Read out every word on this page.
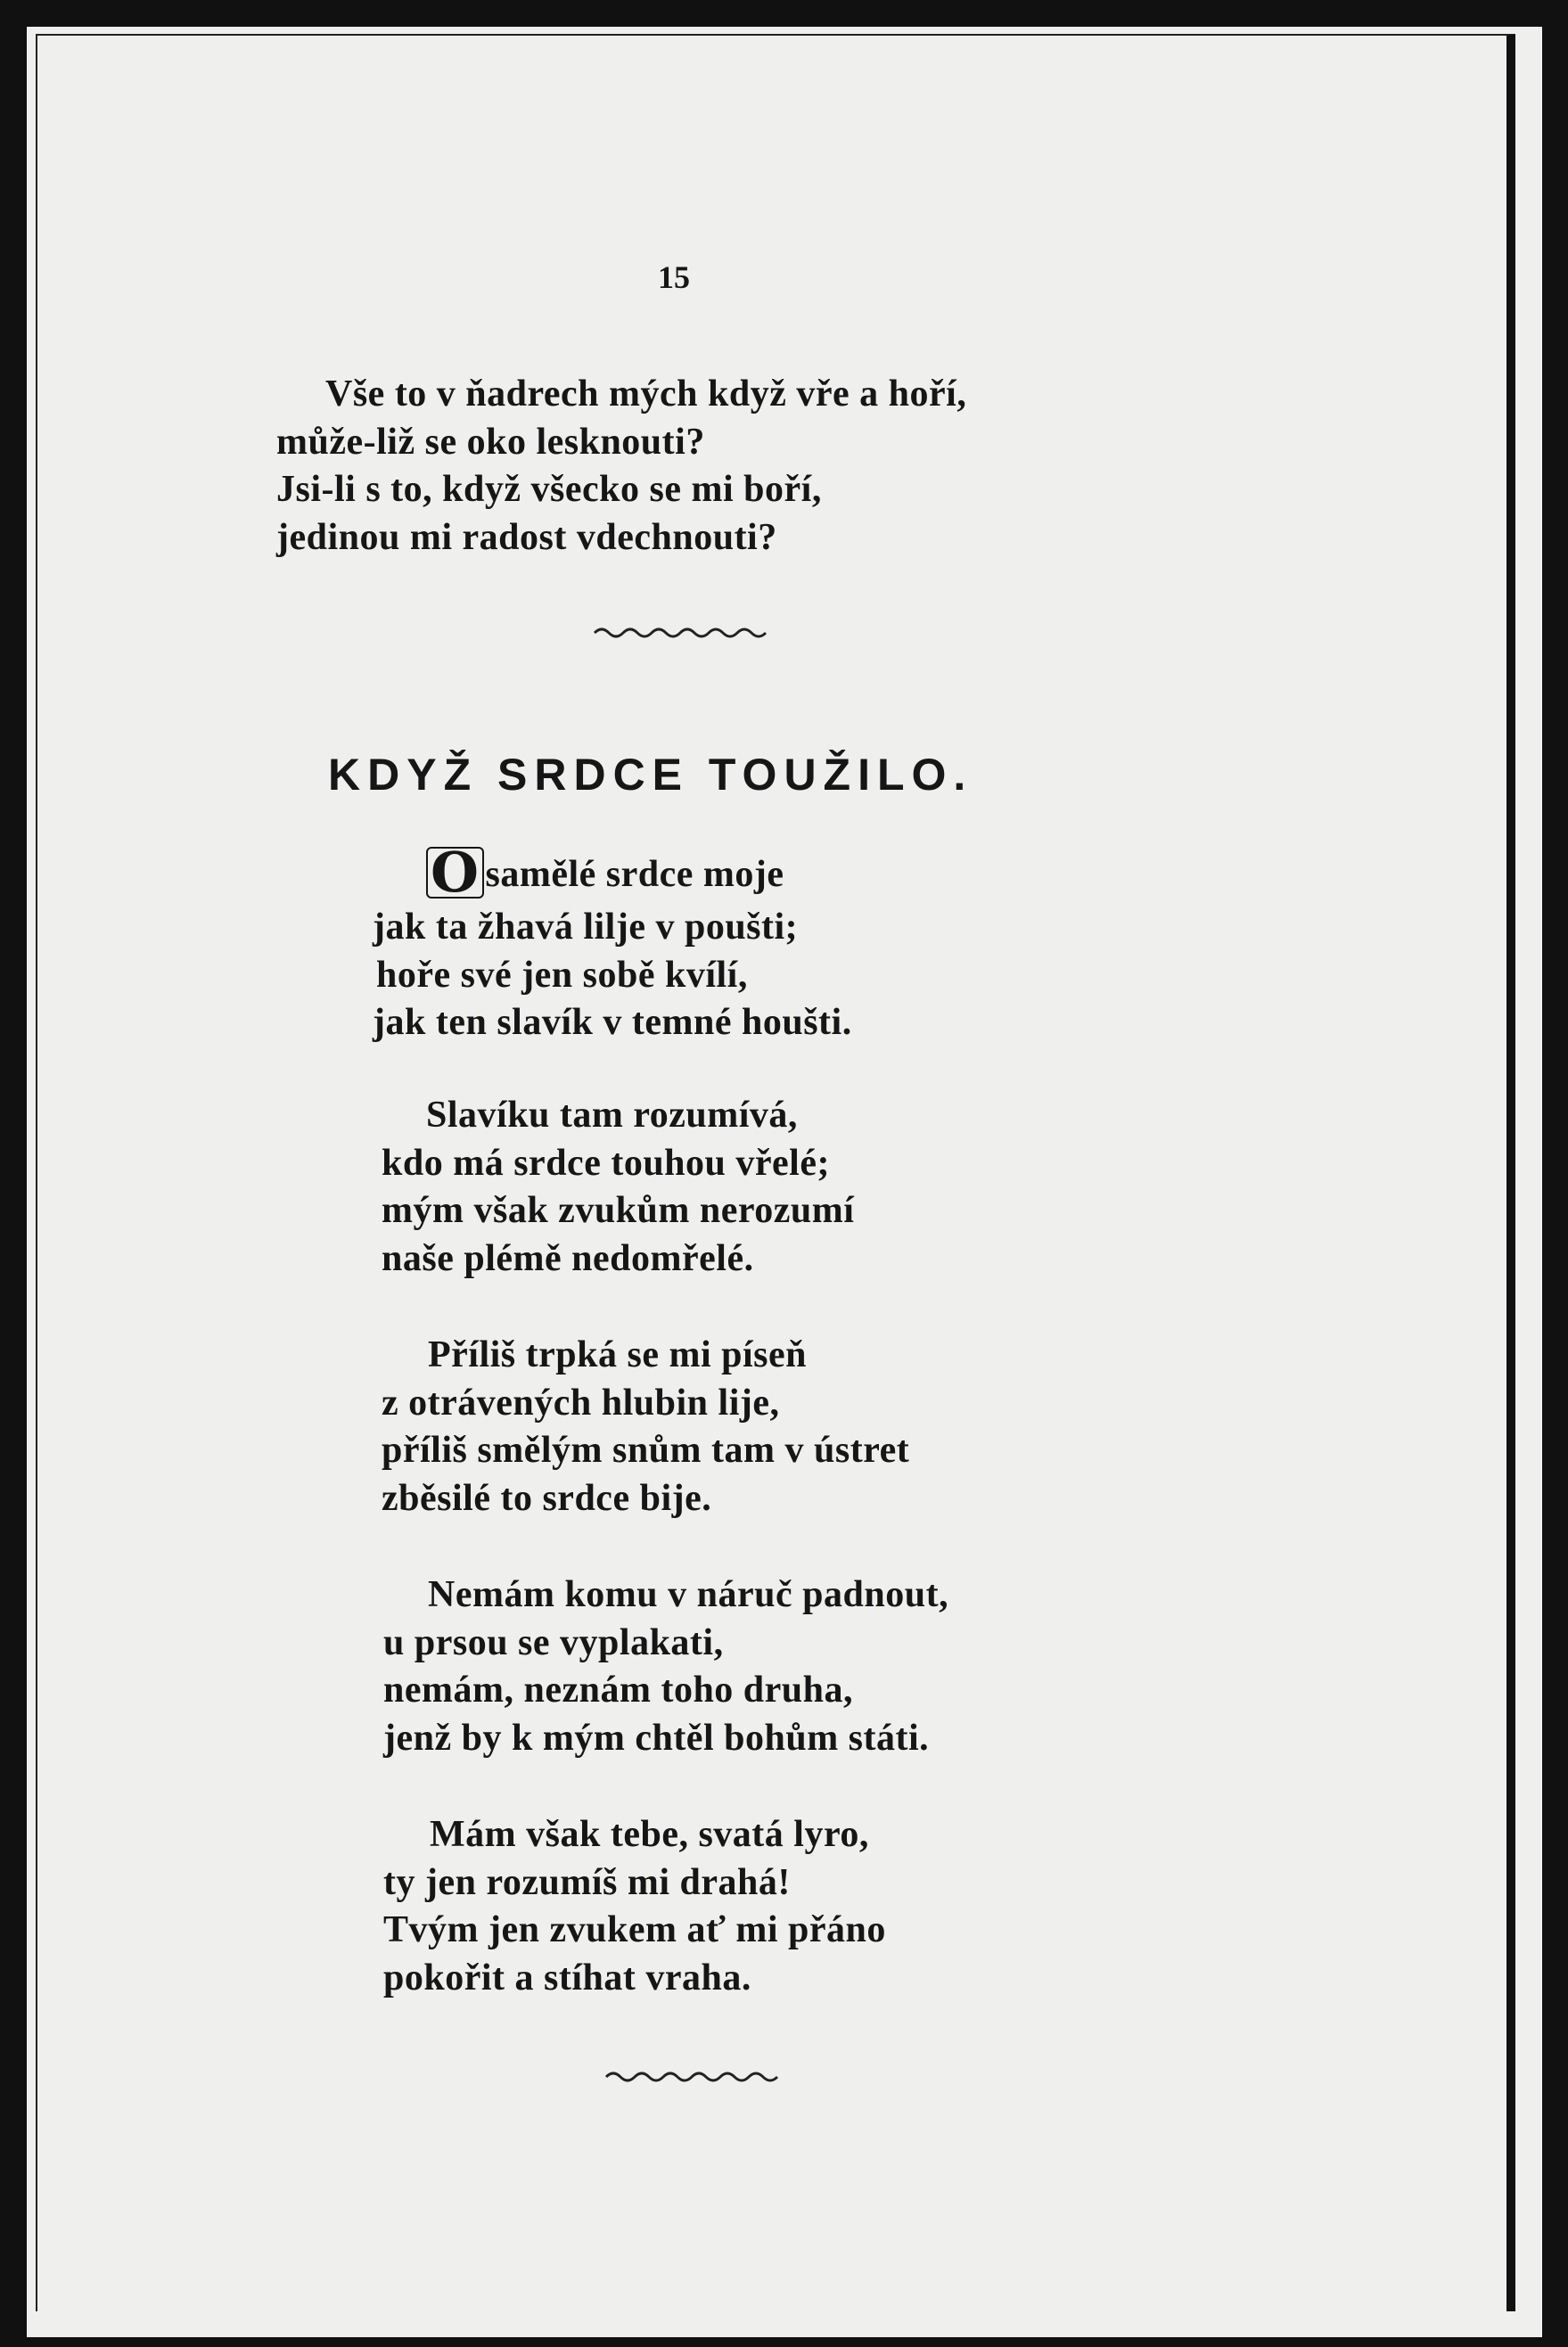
15
Vše to v ňadrech mých když vře a hoří,
může-liž se oko lesknouti?
Jsi-li s to, když všecko se mi boří,
jedinou mi radost vdechnouti?
KDYŽ SRDCE TOUŽILO.
O samělé srdce moje
jak ta žhavá lilje v poušti;
hoře své jen sobě kvílí,
jak ten slavík v temné houšti.
Slavíku tam rozumívá,
kdo má srdce touhou vřelé;
mým však zvukům nerozumí
naše plémě nedomřelé.
Příliš trpká se mi píseň
z otrávených hlubin lije,
příliš smělým snům tam v ústret
zběsilé to srdce bije.
Nemám komu v náruč padnout,
u prsou se vyplakati,
nemám, neznám toho druha,
jenž by k mým chtěl bohům státi.
Mám však tebe, svatá lyro,
ty jen rozumíš mi drahá!
Tvým jen zvukem ať mi přáno
pokořit a stíhat vraha.
